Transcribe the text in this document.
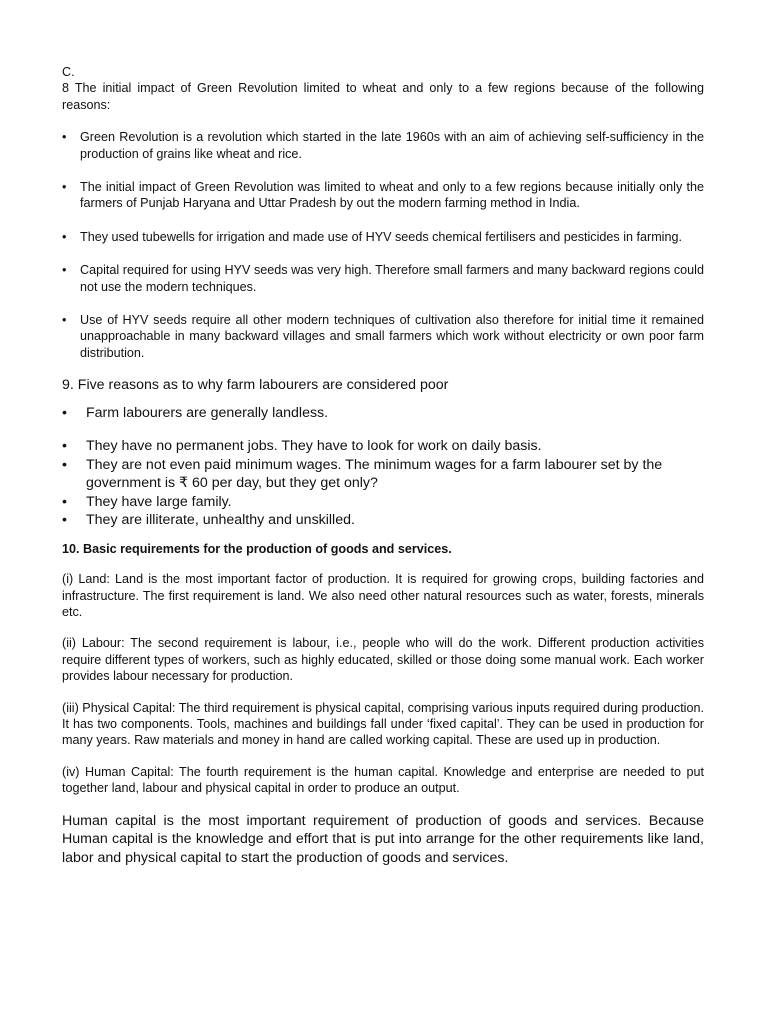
C.

8 The initial impact of Green Revolution limited to wheat and only to a few regions because of the following reasons:

• Green Revolution is a revolution which started in the late 1960s with an aim of achieving self-sufficiency in the production of grains like wheat and rice.
• The initial impact of Green Revolution was limited to wheat and only to a few regions because initially only the farmers of Punjab Haryana and Uttar Pradesh by out the modern farming method in India.
• They used tubewells for irrigation and made use of HYV seeds chemical fertilisers and pesticides in farming.
• Capital required for using HYV seeds was very high. Therefore small farmers and many backward regions could not use the modern techniques.
• Use of HYV seeds require all other modern techniques of cultivation also therefore for initial time it remained unapproachable in many backward villages and small farmers which work without electricity or own poor farm distribution.

9. Five reasons as to why farm labourers are considered poor

• Farm labourers are generally landless.
• They have no permanent jobs. They have to look for work on daily basis.
• They are not even paid minimum wages. The minimum wages for a farm labourer set by the government is ₹ 60 per day, but they get only?
• They have large family.
• They are illiterate, unhealthy and unskilled.

10. Basic requirements for the production of goods and services.

(i) Land: Land is the most important factor of production. It is required for growing crops, building factories and infrastructure. The first requirement is land. We also need other natural resources such as water, forests, minerals etc.

(ii) Labour: The second requirement is labour, i.e., people who will do the work. Different production activities require different types of workers, such as highly educated, skilled or those doing some manual work. Each worker provides labour necessary for production.

(iii) Physical Capital: The third requirement is physical capital, comprising various inputs required during production. It has two components. Tools, machines and buildings fall under ‘fixed capital’. They can be used in production for many years. Raw materials and money in hand are called working capital. These are used up in production.

(iv) Human Capital: The fourth requirement is the human capital. Knowledge and enterprise are needed to put together land, labour and physical capital in order to produce an output.

Human capital is the most important requirement of production of goods and services. Because Human capital is the knowledge and effort that is put into arrange for the other requirements like land, labor and physical capital to start the production of goods and services.
